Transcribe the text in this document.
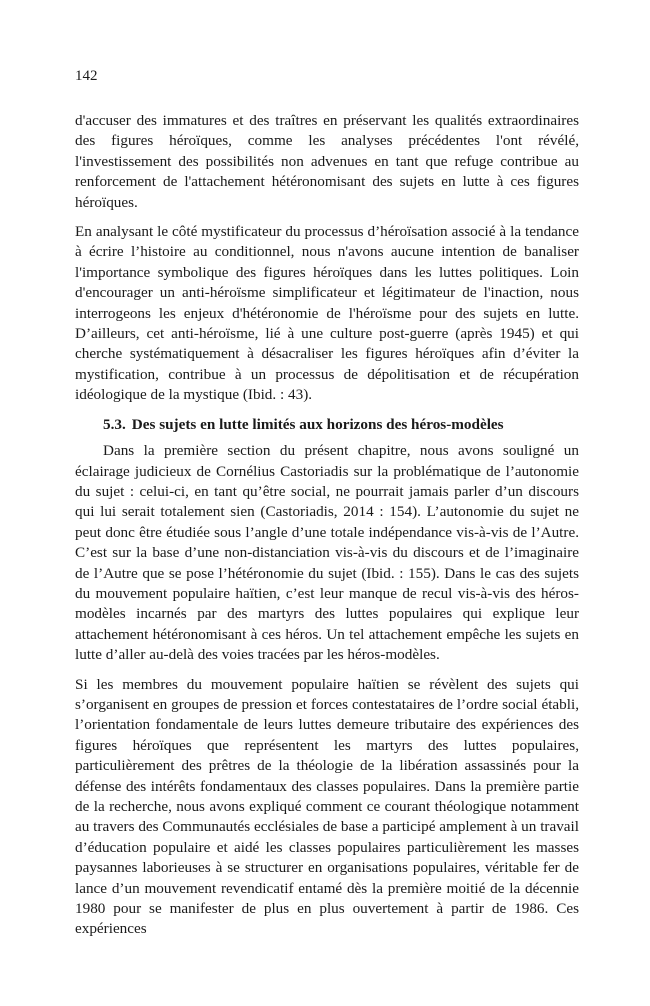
142

d'accuser des immatures et des traîtres en préservant les qualités extraordinaires des figures héroïques, comme les analyses précédentes l'ont révélé, l'investissement des possibilités non advenues en tant que refuge contribue au renforcement de l'attachement hétéronomisant des sujets en lutte à ces figures héroïques.

En analysant le côté mystificateur du processus d’héroïsation associé à la tendance à écrire l’histoire au conditionnel, nous n'avons aucune intention de banaliser l'importance symbolique des figures héroïques dans les luttes politiques. Loin d'encourager un anti-héroïsme simplificateur et légitimateur de l'inaction, nous interrogeons les enjeux d'hétéronomie de l'héroïsme pour des sujets en lutte. D’ailleurs, cet anti-héroïsme, lié à une culture post-guerre (après 1945) et qui cherche systématiquement à désacraliser les figures héroïques afin d’éviter la mystification, contribue à un processus de dépolitisation et de récupération idéologique de la mystique (Ibid. : 43).

5.3. Des sujets en lutte limités aux horizons des héros-modèles

Dans la première section du présent chapitre, nous avons souligné un éclairage judicieux de Cornélius Castoriadis sur la problématique de l’autonomie du sujet : celui-ci, en tant qu’être social, ne pourrait jamais parler d’un discours qui lui serait totalement sien (Castoriadis, 2014 : 154). L’autonomie du sujet ne peut donc être étudiée sous l’angle d’une totale indépendance vis-à-vis de l’Autre. C’est sur la base d’une non-distanciation vis-à-vis du discours et de l’imaginaire de l’Autre que se pose l’hétéronomie du sujet (Ibid. : 155). Dans le cas des sujets du mouvement populaire haïtien, c’est leur manque de recul vis-à-vis des héros-modèles incarnés par des martyrs des luttes populaires qui explique leur attachement hétéronomisant à ces héros. Un tel attachement empêche les sujets en lutte d’aller au-delà des voies tracées par les héros-modèles.

Si les membres du mouvement populaire haïtien se révèlent des sujets qui s’organisent en groupes de pression et forces contestataires de l’ordre social établi, l’orientation fondamentale de leurs luttes demeure tributaire des expériences des figures héroïques que représentent les martyrs des luttes populaires, particulièrement des prêtres de la théologie de la libération assassinés pour la défense des intérêts fondamentaux des classes populaires. Dans la première partie de la recherche, nous avons expliqué comment ce courant théologique notamment au travers des Communautés ecclésiales de base a participé amplement à un travail d’éducation populaire et aidé les classes populaires particulièrement les masses paysannes laborieuses à se structurer en organisations populaires, véritable fer de lance d’un mouvement revendicatif entamé dès la première moitié de la décennie 1980 pour se manifester de plus en plus ouvertement à partir de 1986. Ces expériences
